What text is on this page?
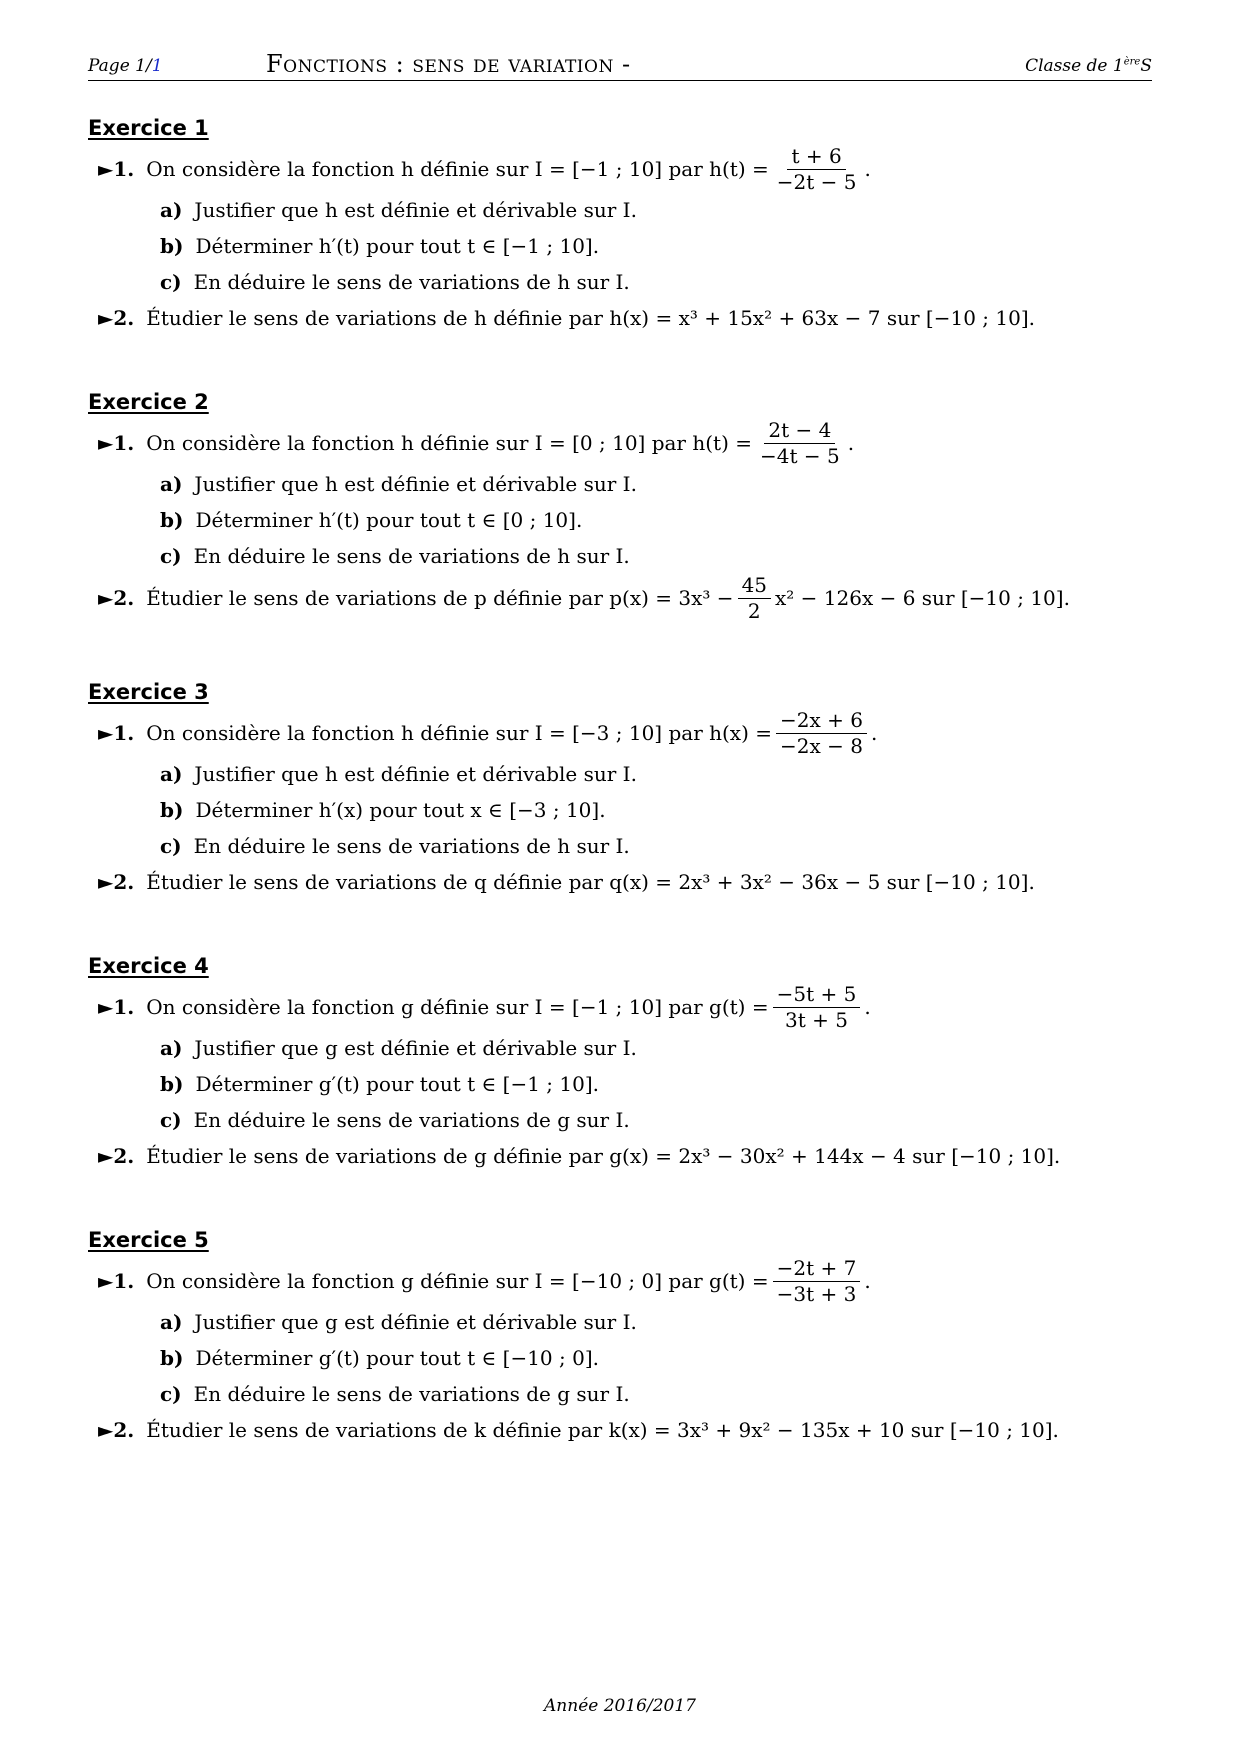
Page 1/1	Fonctions : sens de variation -	Classe de 1èreS
Exercice 1
►1. On considère la fonction h définie sur I = [−1 ; 10] par $h(t) = \frac{t + 6}{-2t - 5}$ .
a) Justifier que h est définie et dérivable sur I.
b) Déterminer h′(t) pour tout t ∈ [−1 ; 10].
c) En déduire le sens de variations de h sur I.
►2. Étudier le sens de variations de h définie par h(x) = x³ + 15x² + 63x − 7 sur [−10 ; 10].
Exercice 2
►1. On considère la fonction h définie sur I = [0 ; 10] par $h(t) = \frac{2t - 4}{-4t - 5}$ .
a) Justifier que h est définie et dérivable sur I.
b) Déterminer h′(t) pour tout t ∈ [0 ; 10].
c) En déduire le sens de variations de h sur I.
►2. Étudier le sens de variations de p définie par $p(x) = 3x^3 - \frac{45}{2} x^2 - 126x - 6$ sur [−10 ; 10].
Exercice 3
►1. On considère la fonction h définie sur I = [−3 ; 10] par $h(x) = \frac{-2x + 6}{-2x - 8}$ .
a) Justifier que h est définie et dérivable sur I.
b) Déterminer h′(x) pour tout x ∈ [−3 ; 10].
c) En déduire le sens de variations de h sur I.
►2. Étudier le sens de variations de q définie par q(x) = 2x³ + 3x² − 36x − 5 sur [−10 ; 10].
Exercice 4
►1. On considère la fonction g définie sur I = [−1 ; 10] par $g(t) = \frac{-5t + 5}{3t + 5}$ .
a) Justifier que g est définie et dérivable sur I.
b) Déterminer g′(t) pour tout t ∈ [−1 ; 10].
c) En déduire le sens de variations de g sur I.
►2. Étudier le sens de variations de g définie par g(x) = 2x³ − 30x² + 144x − 4 sur [−10 ; 10].
Exercice 5
►1. On considère la fonction g définie sur I = [−10 ; 0] par $g(t) = \frac{-2t + 7}{-3t + 3}$ .
a) Justifier que g est définie et dérivable sur I.
b) Déterminer g′(t) pour tout t ∈ [−10 ; 0].
c) En déduire le sens de variations de g sur I.
►2. Étudier le sens de variations de k définie par k(x) = 3x³ + 9x² − 135x + 10 sur [−10 ; 10].
Année 2016/2017
